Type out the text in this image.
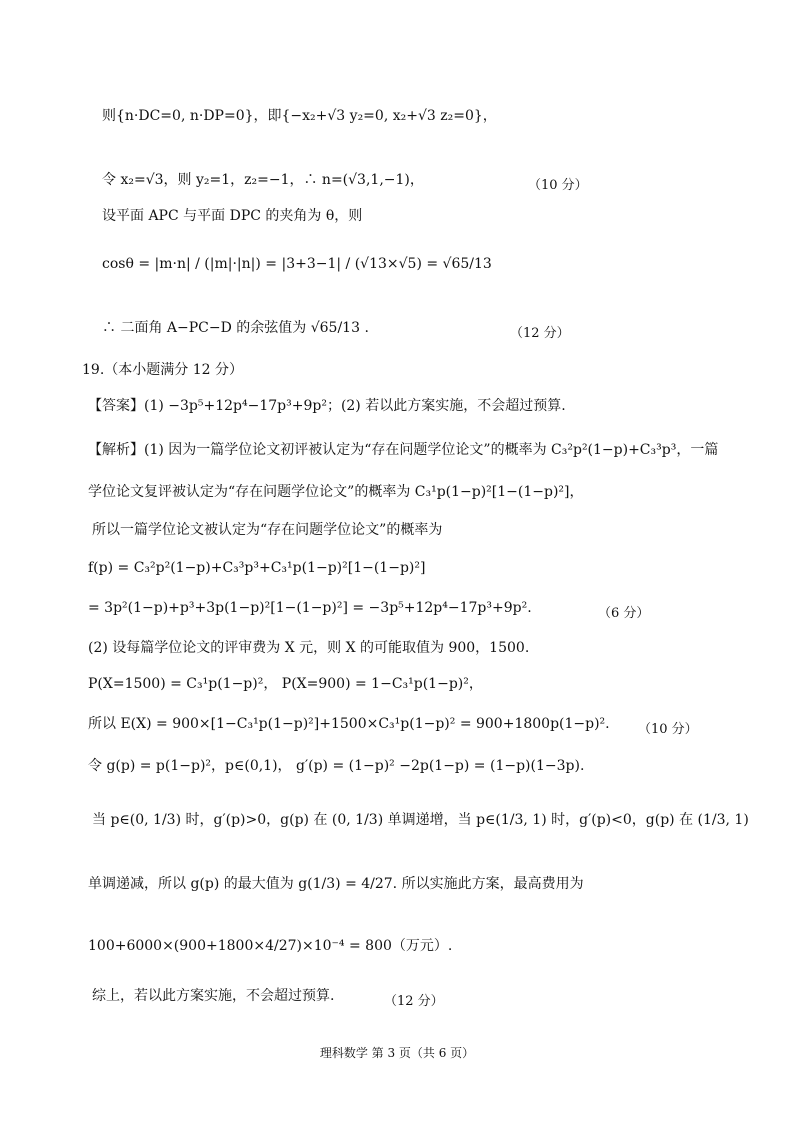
则{n·DC=0, n·DP=0}，即{−x₂+√3 y₂=0, x₂+√3 z₂=0}，
令 x₂=√3，则 y₂=1，z₂=−1，∴ n=(√3,1,−1)，
设平面 APC 与平面 DPC 的夹角为 θ，则
cosθ = |m·n| / (|m|·|n|) = |3+3−1| / (√13×√5) = √65/13
∴ 二面角 A−PC−D 的余弦值为 √65/13 .
19.（本小题满分 12 分）
【答案】(1) −3p⁵+12p⁴−17p³+9p²；(2) 若以此方案实施，不会超过预算.
【解析】(1) 因为一篇学位论文初评被认定为“存在问题学位论文”的概率为 C₃²p²(1−p)+C₃³p³，一篇
学位论文复评被认定为“存在问题学位论文”的概率为 C₃¹p(1−p)²[1−(1−p)²]，
所以一篇学位论文被认定为“存在问题学位论文”的概率为
f(p) = C₃²p²(1−p)+C₃³p³+C₃¹p(1−p)²[1−(1−p)²]
= 3p²(1−p)+p³+3p(1−p)²[1−(1−p)²] = −3p⁵+12p⁴−17p³+9p².
(2) 设每篇学位论文的评审费为 X 元，则 X 的可能取值为 900，1500.
P(X=1500) = C₃¹p(1−p)²， P(X=900) = 1−C₃¹p(1−p)²，
所以 E(X) = 900×[1−C₃¹p(1−p)²]+1500×C₃¹p(1−p)² = 900+1800p(1−p)².
令 g(p) = p(1−p)²，p∈(0,1)， g′(p) = (1−p)² −2p(1−p) = (1−p)(1−3p).
当 p∈(0, 1/3) 时，g′(p)>0，g(p) 在 (0, 1/3) 单调递增，当 p∈(1/3, 1) 时，g′(p)<0，g(p) 在 (1/3, 1)
单调递减，所以 g(p) 的最大值为 g(1/3) = 4/27. 所以实施此方案，最高费用为
100+6000×(900+1800×4/27)×10⁻⁴ = 800（万元）.
综上，若以此方案实施，不会超过预算.
（10 分）
（12 分）
（6 分）
（10 分）
（12 分）
理科数学 第 3 页（共 6 页）
